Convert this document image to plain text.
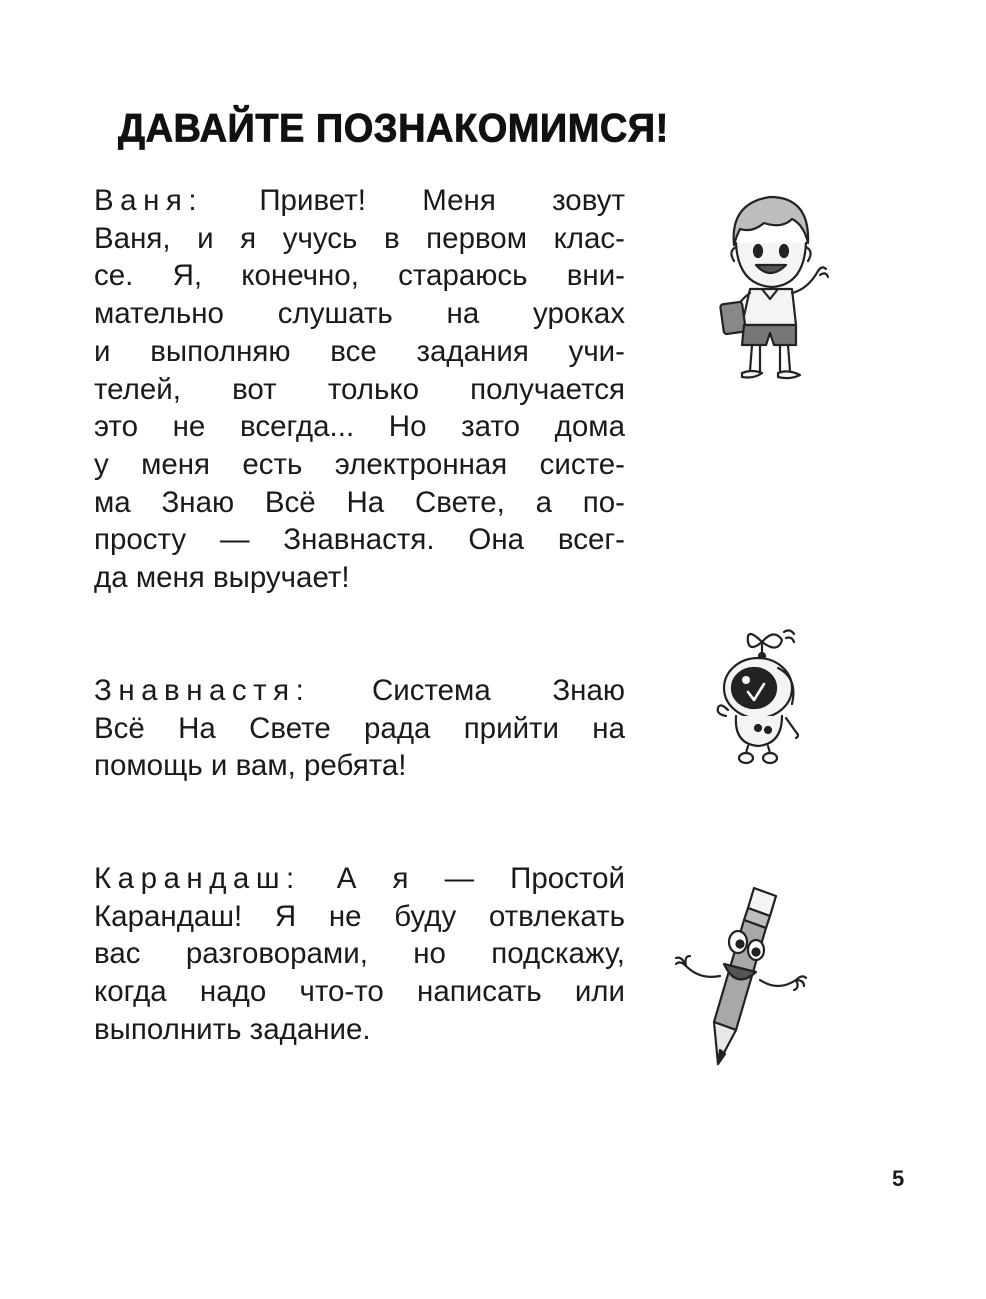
ДАВАЙТЕ ПОЗНАКОМИМСЯ!

Ваня: Привет! Меня зовут
Ваня, и я учусь в первом клас-
се. Я, конечно, стараюсь вни-
мательно слушать на уроках
и выполняю все задания учи-
телей, вот только получается
это не всегда... Но зато дома
у меня есть электронная систе-
ма Знаю Всё На Свете, а по-
просту — Знавнастя. Она всег-
да меня выручает!

Знавнастя: Система Знаю
Всё На Свете рада прийти на
помощь и вам, ребята!

Карандаш: А я — Простой
Карандаш! Я не буду отвлекать
вас разговорами, но подскажу,
когда надо что-то написать или
выполнить задание.

5
